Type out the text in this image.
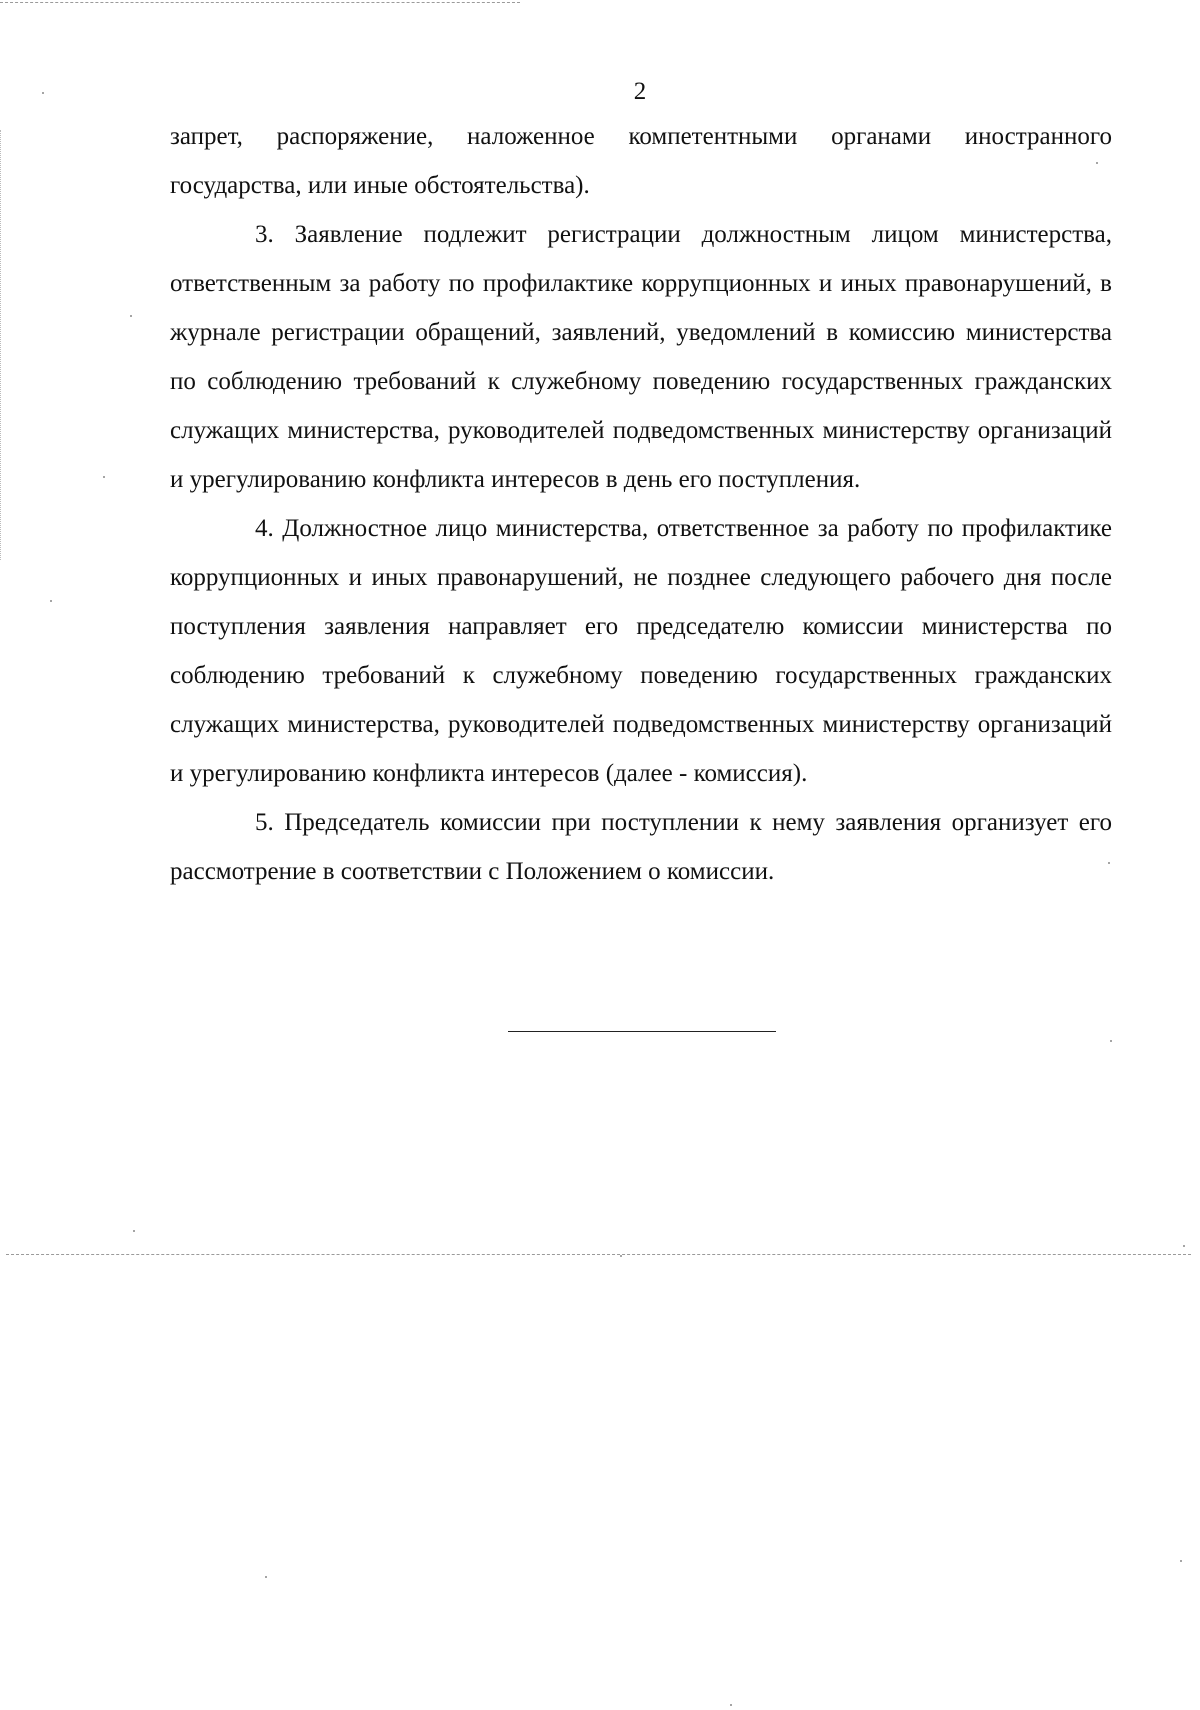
2

запрет, распоряжение, наложенное компетентными органами иностранного государства, или иные обстоятельства).

3. Заявление подлежит регистрации должностным лицом министерства, ответственным за работу по профилактике коррупционных и иных правонарушений, в журнале регистрации обращений, заявлений, уведомлений в комиссию министерства по соблюдению требований к служебному поведению государственных гражданских служащих министерства, руководителей подведомственных министерству организаций и урегулированию конфликта интересов в день его поступления.

4. Должностное лицо министерства, ответственное за работу по профилактике коррупционных и иных правонарушений, не позднее следующего рабочего дня после поступления заявления направляет его председателю комиссии министерства по соблюдению требований к служебному поведению государственных гражданских служащих министерства, руководителей подведомственных министерству организаций и урегулированию конфликта интересов (далее - комиссия).

5. Председатель комиссии при поступлении к нему заявления организует его рассмотрение в соответствии с Положением о комиссии.
